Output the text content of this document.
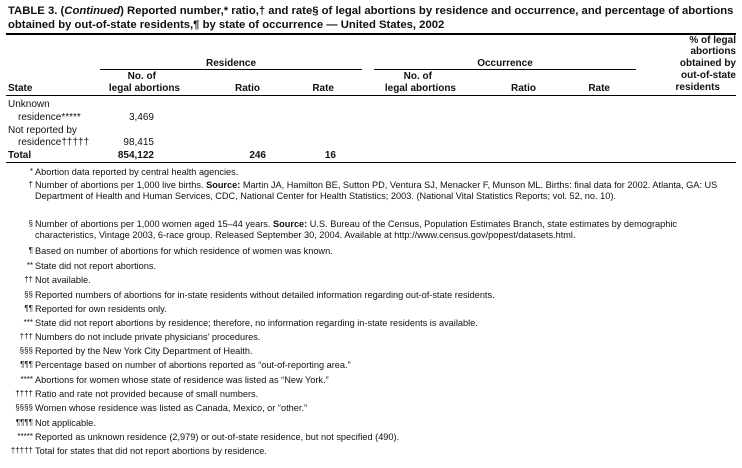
TABLE 3. (Continued) Reported number,* ratio,† and rate§ of legal abortions by residence and occurrence, and percentage of abortions obtained by out-of-state residents,¶ by state of occurrence — United States, 2002
% of legal
abortions
obtained by
out-of-state
residents
Residence	Occurrence
No. of
legal abortions	Ratio	Rate
No. of
legal abortions	Ratio	Rate
State
Unknown
residence*****	3,469
Not reported by
residence†††††	98,415
Total	854,122	246	16
* Abortion data reported by central health agencies.
† Number of abortions per 1,000 live births. Source: Martin JA, Hamilton BE, Sutton PD, Ventura SJ, Menacker F, Munson ML. Births: final data for 2002. Atlanta, GA: US Department of Health and Human Services, CDC, National Center for Health Statistics; 2003. (National Vital Statistics Reports; vol. 52, no. 10).
§ Number of abortions per 1,000 women aged 15–44 years. Source: U.S. Bureau of the Census, Population Estimates Branch, state estimates by demographic characteristics, Vintage 2003, 6-race group. Released September 30, 2004. Available at http://www.census.gov/popest/datasets.html.
¶ Based on number of abortions for which residence of women was known.
** State did not report abortions.
†† Not available.
§§ Reported numbers of abortions for in-state residents without detailed information regarding out-of-state residents.
¶¶ Reported for own residents only.
*** State did not report abortions by residence; therefore, no information regarding in-state residents is available.
††† Numbers do not include private physicians’ procedures.
§§§ Reported by the New York City Department of Health.
¶¶¶ Percentage based on number of abortions reported as “out-of-reporting area.”
**** Abortions for women whose state of residence was listed as “New York.”
†††† Ratio and rate not provided because of small numbers.
§§§§ Women whose residence was listed as Canada, Mexico, or “other.”
¶¶¶¶ Not applicable.
***** Reported as unknown residence (2,979) or out-of-state residence, but not specified (490).
††††† Total for states that did not report abortions by residence.
